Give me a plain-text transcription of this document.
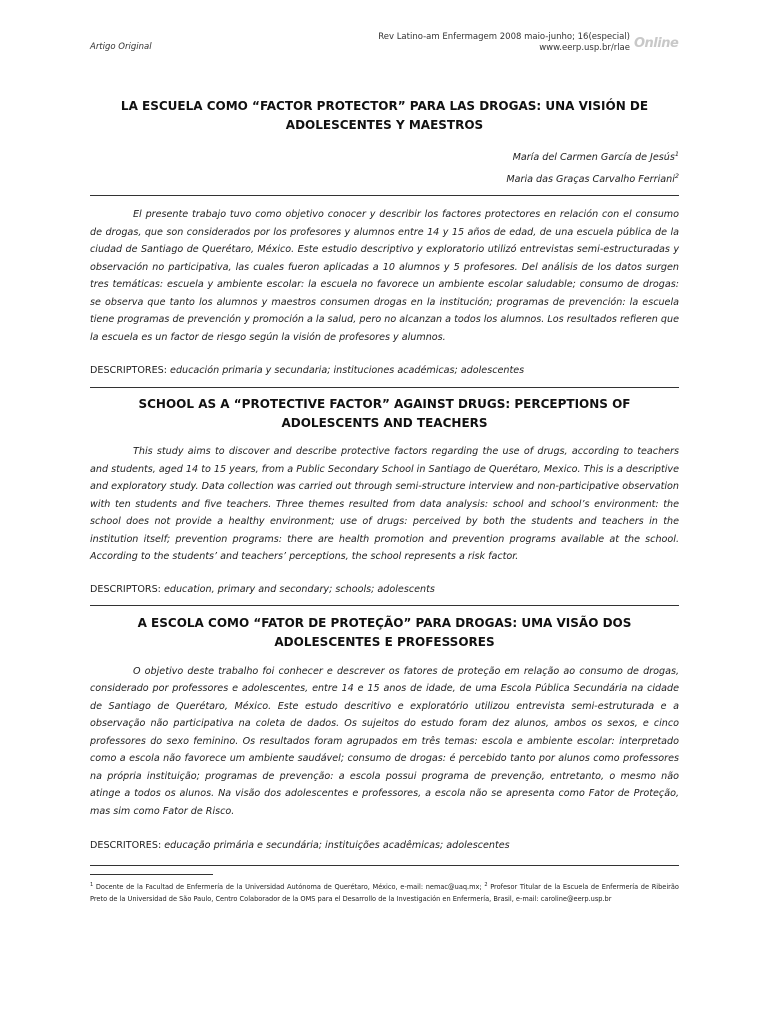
Artigo Original
Rev Latino-am Enfermagem 2008 maio-junho; 16(especial)
www.eerp.usp.br/rlae Online
LA ESCUELA COMO “FACTOR PROTECTOR” PARA LAS DROGAS: UNA VISIÓN DE ADOLESCENTES Y MAESTROS
María del Carmen García de Jesús$^1$
Maria das Graças Carvalho Ferriani$^2$

El presente trabajo tuvo como objetivo conocer y describir los factores protectores en relación con el consumo de drogas, que son considerados por los profesores y alumnos entre 14 y 15 años de edad, de una escuela pública de la ciudad de Santiago de Querétaro, México. Este estudio descriptivo y exploratorio utilizó entrevistas semi-estructuradas y observación no participativa, las cuales fueron aplicadas a 10 alumnos y 5 profesores. Del análisis de los datos surgen tres temáticas: escuela y ambiente escolar: la escuela no favorece un ambiente escolar saludable; consumo de drogas: se observa que tanto los alumnos y maestros consumen drogas en la institución; programas de prevención: la escuela tiene programas de prevención y promoción a la salud, pero no alcanzan a todos los alumnos. Los resultados refieren que la escuela es un factor de riesgo según la visión de profesores y alumnos.

DESCRIPTORES: educación primaria y secundaria; instituciones académicas; adolescentes

SCHOOL AS A “PROTECTIVE FACTOR” AGAINST DRUGS: PERCEPTIONS OF ADOLESCENTS AND TEACHERS

This study aims to discover and describe protective factors regarding the use of drugs, according to teachers and students, aged 14 to 15 years, from a Public Secondary School in Santiago de Querétaro, Mexico. This is a descriptive and exploratory study. Data collection was carried out through semi-structure interview and non-participative observation with ten students and five teachers. Three themes resulted from data analysis: school and school’s environment: the school does not provide a healthy environment; use of drugs: perceived by both the students and teachers in the institution itself; prevention programs: there are health promotion and prevention programs available at the school. According to the students’ and teachers’ perceptions, the school represents a risk factor.

DESCRIPTORS: education, primary and secondary; schools; adolescents

A ESCOLA COMO “FATOR DE PROTEÇÃO” PARA DROGAS: UMA VISÃO DOS ADOLESCENTES E PROFESSORES

O objetivo deste trabalho foi conhecer e descrever os fatores de proteção em relação ao consumo de drogas, considerado por professores e adolescentes, entre 14 e 15 anos de idade, de uma Escola Pública Secundária na cidade de Santiago de Querétaro, México. Este estudo descritivo e exploratório utilizou entrevista semi-estruturada e a observação não participativa na coleta de dados. Os sujeitos do estudo foram dez alunos, ambos os sexos, e cinco professores do sexo feminino. Os resultados foram agrupados em três temas: escola e ambiente escolar: interpretado como a escola não favorece um ambiente saudável; consumo de drogas: é percebido tanto por alunos como professores na própria instituição; programas de prevenção: a escola possui programa de prevenção, entretanto, o mesmo não atinge a todos os alunos. Na visão dos adolescentes e professores, a escola não se apresenta como Fator de Proteção, mas sim como Fator de Risco.

DESCRITORES: educação primária e secundária; instituições acadêmicas; adolescentes

$^1$ Docente de la Facultad de Enfermería de la Universidad Autónoma de Querétaro, México, e-mail: nemac@uaq.mx; $^2$ Profesor Titular de la Escuela de Enfermería de Ribeirão Preto de la Universidad de São Paulo, Centro Colaborador de la OMS para el Desarrollo de la Investigación en Enfermería, Brasil, e-mail: caroline@eerp.usp.br
